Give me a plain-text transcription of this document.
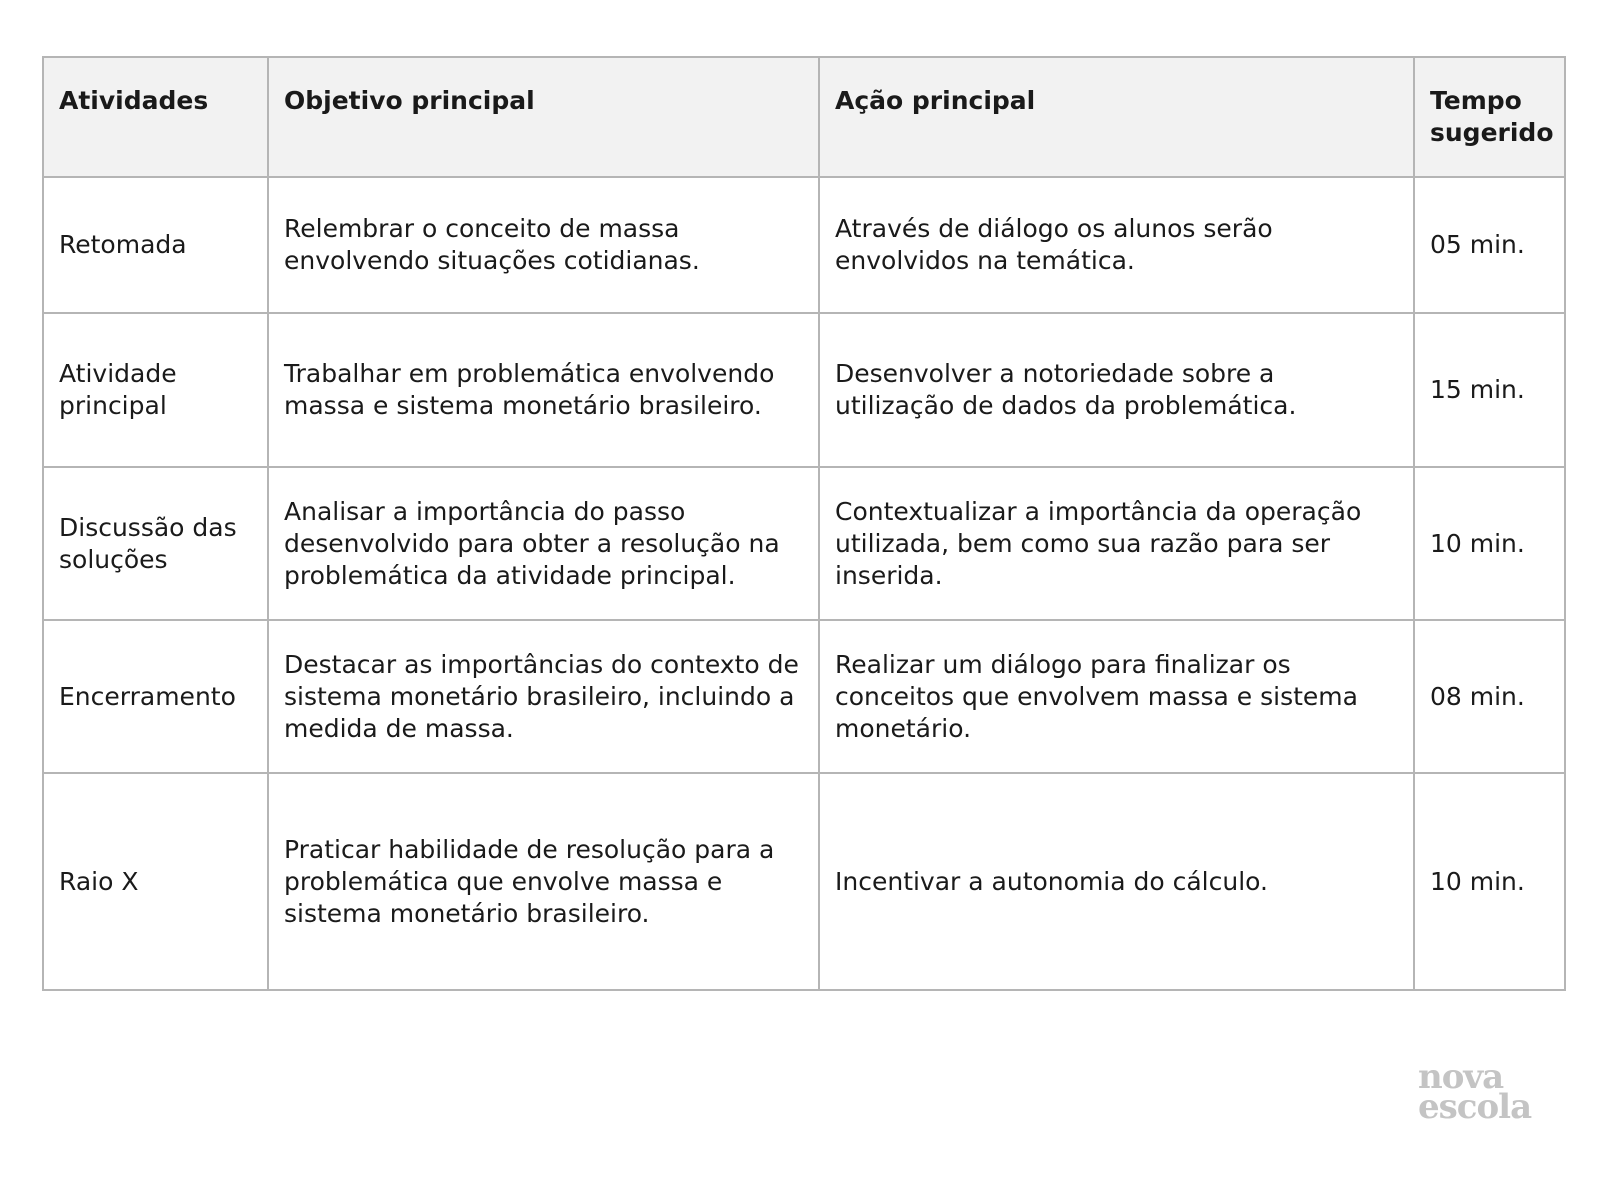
Atividades	Objetivo principal	Ação principal	Tempo sugerido
Retomada	Relembrar o conceito de massa envolvendo situações cotidianas.	Através de diálogo os alunos serão envolvidos na temática.	05 min.
Atividade principal	Trabalhar em problemática envolvendo massa e sistema monetário brasileiro.	Desenvolver a notoriedade sobre a utilização de dados da problemática.	15 min.
Discussão das soluções	Analisar a importância do passo desenvolvido para obter a resolução na problemática da atividade principal.	Contextualizar a importância da operação utilizada, bem como sua razão para ser inserida.	10 min.
Encerramento	Destacar as importâncias do contexto de sistema monetário brasileiro, incluindo a medida de massa.	Realizar um diálogo para finalizar os conceitos que envolvem massa e sistema monetário.	08 min.
Raio X	Praticar habilidade de resolução para a problemática que envolve massa e sistema monetário brasileiro.	Incentivar a autonomia do cálculo.	10 min.
nova
escola
